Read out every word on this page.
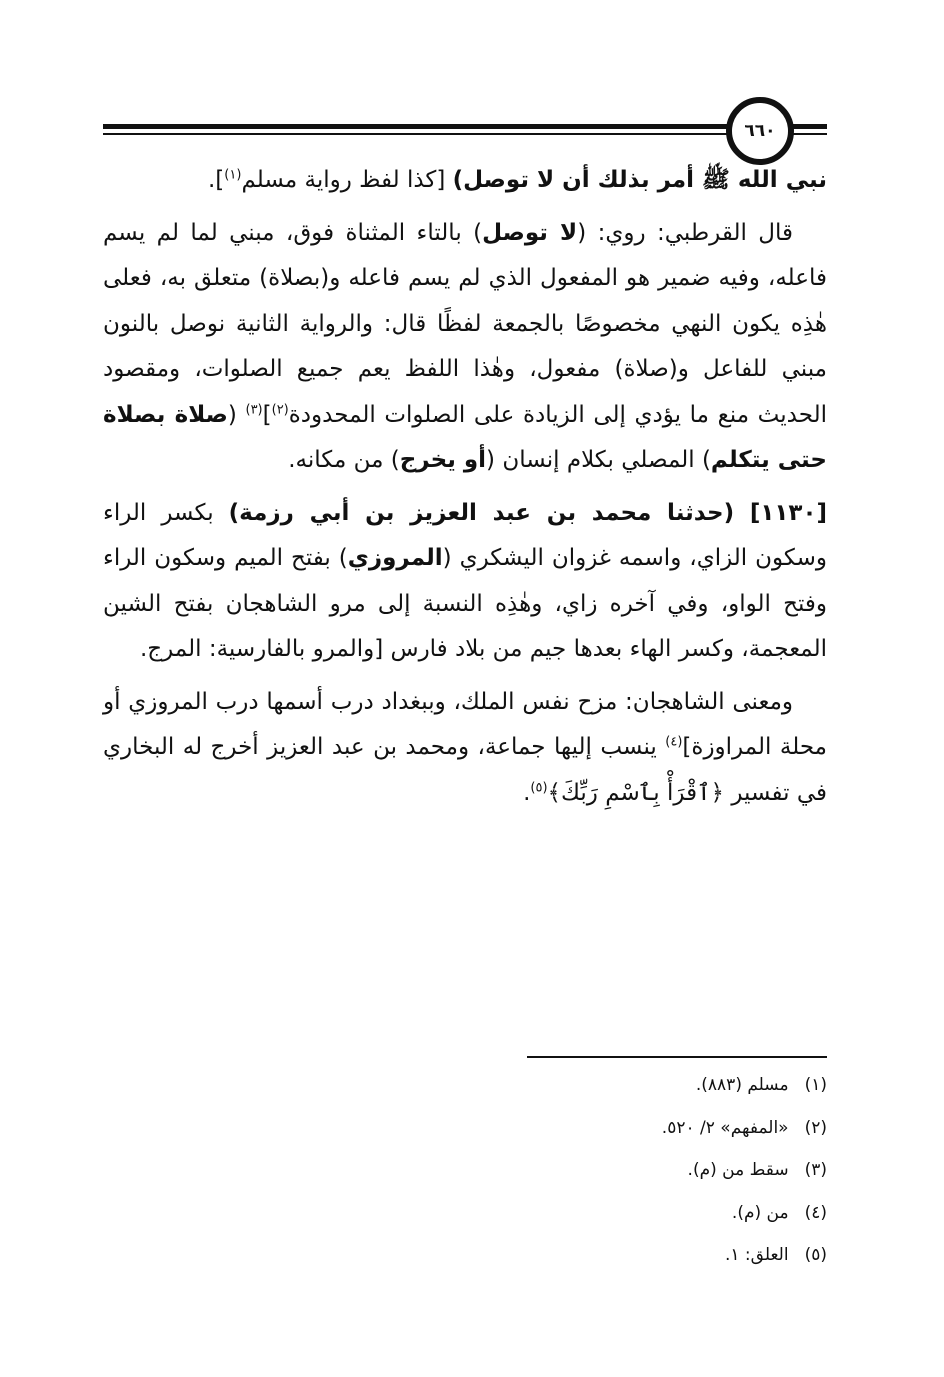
٦٦٠

نبي الله ﷺ أمر بذلك أن لا توصل) [كذا لفظ رواية مسلم$^{(١)}$].

قال القرطبي: روي: (لا توصل) بالتاء المثناة فوق، مبني لما لم يسم فاعله، وفيه ضمير هو المفعول الذي لم يسم فاعله و(بصلاة) متعلق به، فعلى هٰذِه يكون النهي مخصوصًا بالجمعة لفظًا قال: والرواية الثانية نوصل بالنون مبني للفاعل و(صلاة) مفعول، وهٰذا اللفظ يعم جميع الصلوات، ومقصود الحديث منع ما يؤدي إلى الزيادة على الصلوات المحدودة$^{(٢)}$]$^{(٣)}$ (صلاة بصلاة حتى يتكلم) المصلي بكلام إنسان (أو يخرج) من مكانه.

[١١٣٠] (حدثنا محمد بن عبد العزيز بن أبي رزمة) بكسر الراء وسكون الزاي، واسمه غزوان اليشكري (المروزي) بفتح الميم وسكون الراء وفتح الواو، وفي آخره زاي، وهٰذِه النسبة إلى مرو الشاهجان بفتح الشين المعجمة، وكسر الهاء بعدها جيم من بلاد فارس [والمرو بالفارسية: المرج.

ومعنى الشاهجان: مزح نفس الملك، وببغداد درب أسمها درب المروزي أو محلة المراوزة]$^{(٤)}$ ينسب إليها جماعة، ومحمد بن عبد العزيز أخرج له البخاري في تفسير ﴿ٱقْرَأْ بِٱسْمِ رَبِّكَ﴾$^{(٥)}$.

(١)
مسلم (٨٨٣).
(٢)
«المفهم» ٢/ ٥٢٠.
(٣)
سقط من (م).
(٤)
من (م).
(٥)
العلق: ١.
